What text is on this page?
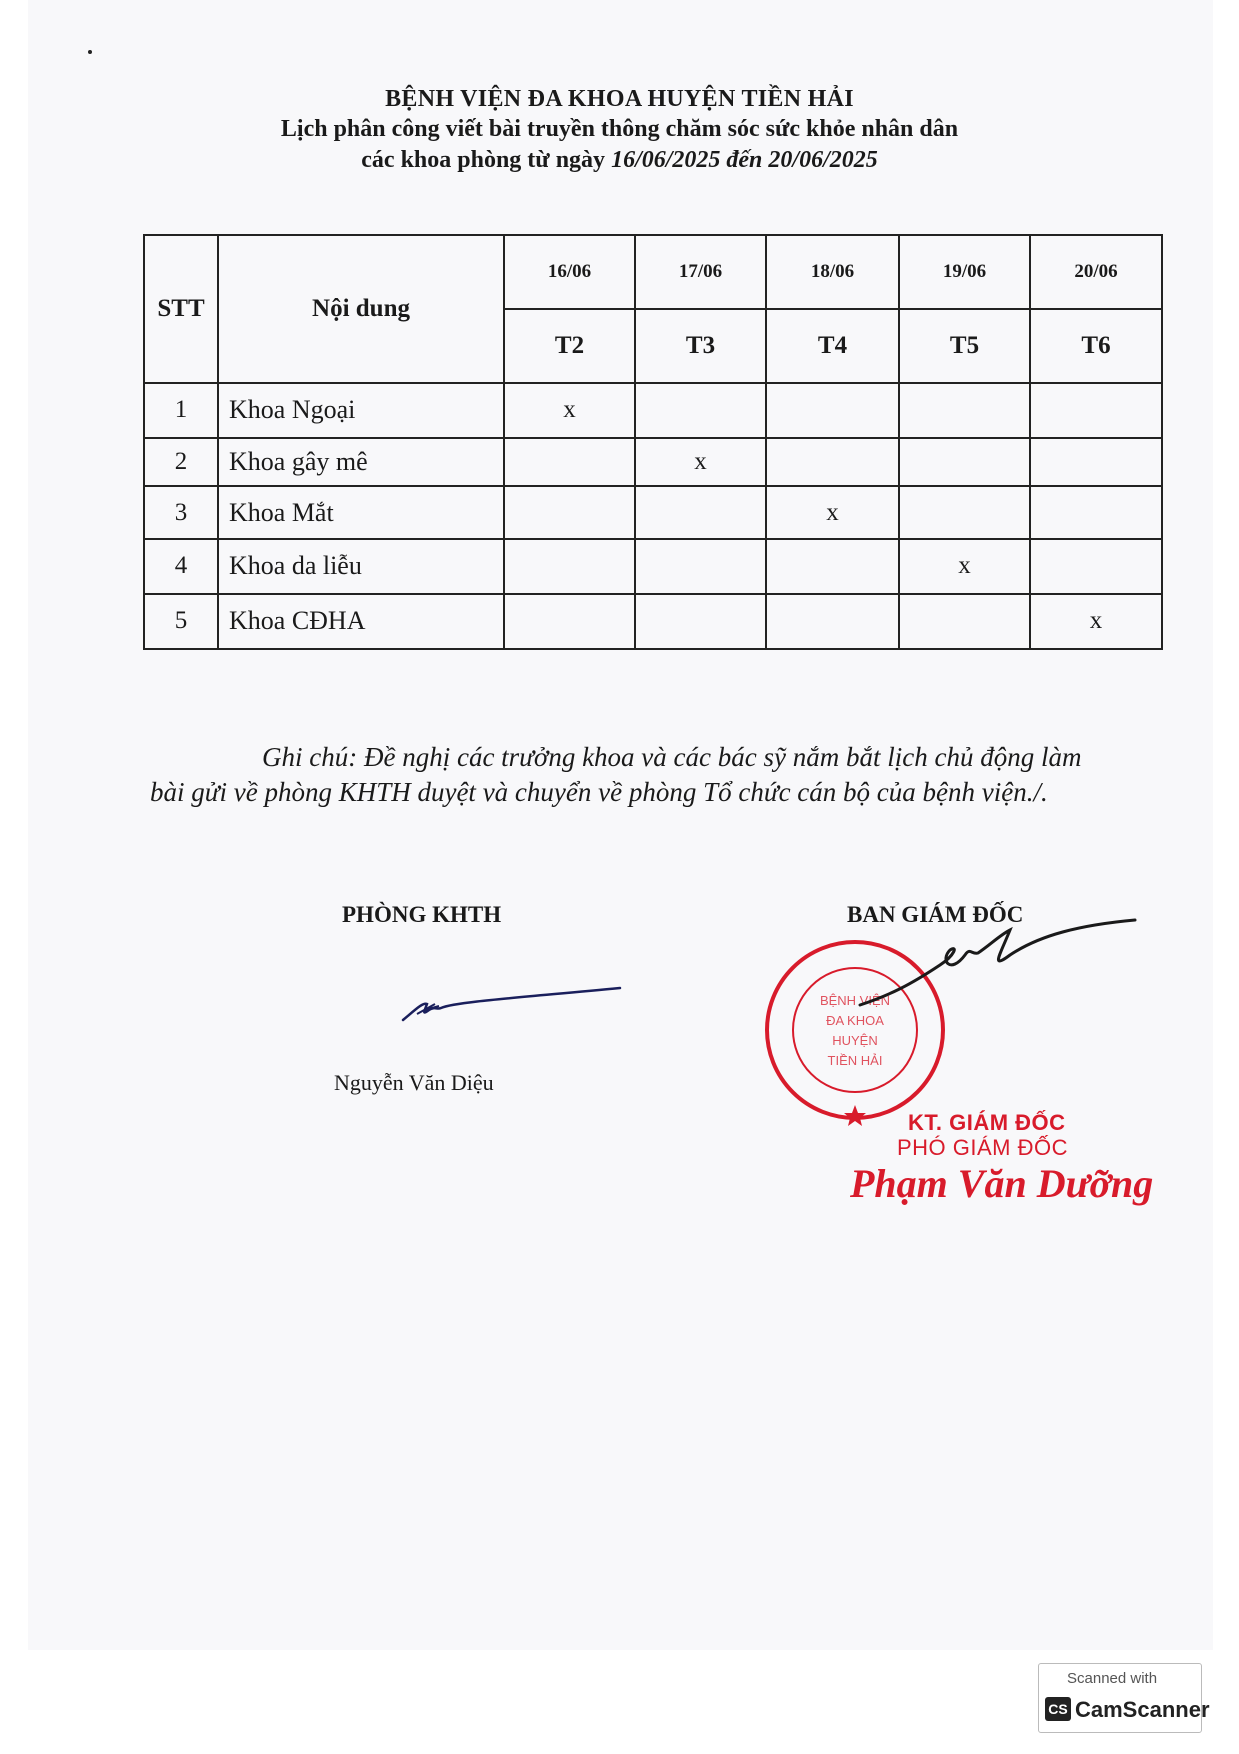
BỆNH VIỆN ĐA KHOA HUYỆN TIỀN HẢI
Lịch phân công viết bài truyền thông chăm sóc sức khỏe nhân dân
các khoa phòng từ ngày 16/06/2025 đến 20/06/2025
STT	Nội dung	16/06	17/06	18/06	19/06	20/06
		T2	T3	T4	T5	T6
1	Khoa Ngoại	x				
2	Khoa gây mê		x			
3	Khoa Mắt			x		
4	Khoa da liễu				x	
5	Khoa CĐHA					x
Ghi chú: Đề nghị các trưởng khoa và các bác sỹ nắm bắt lịch chủ động làm
bài gửi về phòng KHTH duyệt và chuyển về phòng Tổ chức cán bộ của bệnh viện./.
PHÒNG KHTH	BAN GIÁM ĐỐC
Nguyễn Văn Diệu
BỆNH VIỆN
ĐA KHOA
HUYỆN
TIỀN HẢI
KT. GIÁM ĐỐC
PHÓ GIÁM ĐỐC
Phạm Văn Dưỡng
Scanned with
CS CamScanner
